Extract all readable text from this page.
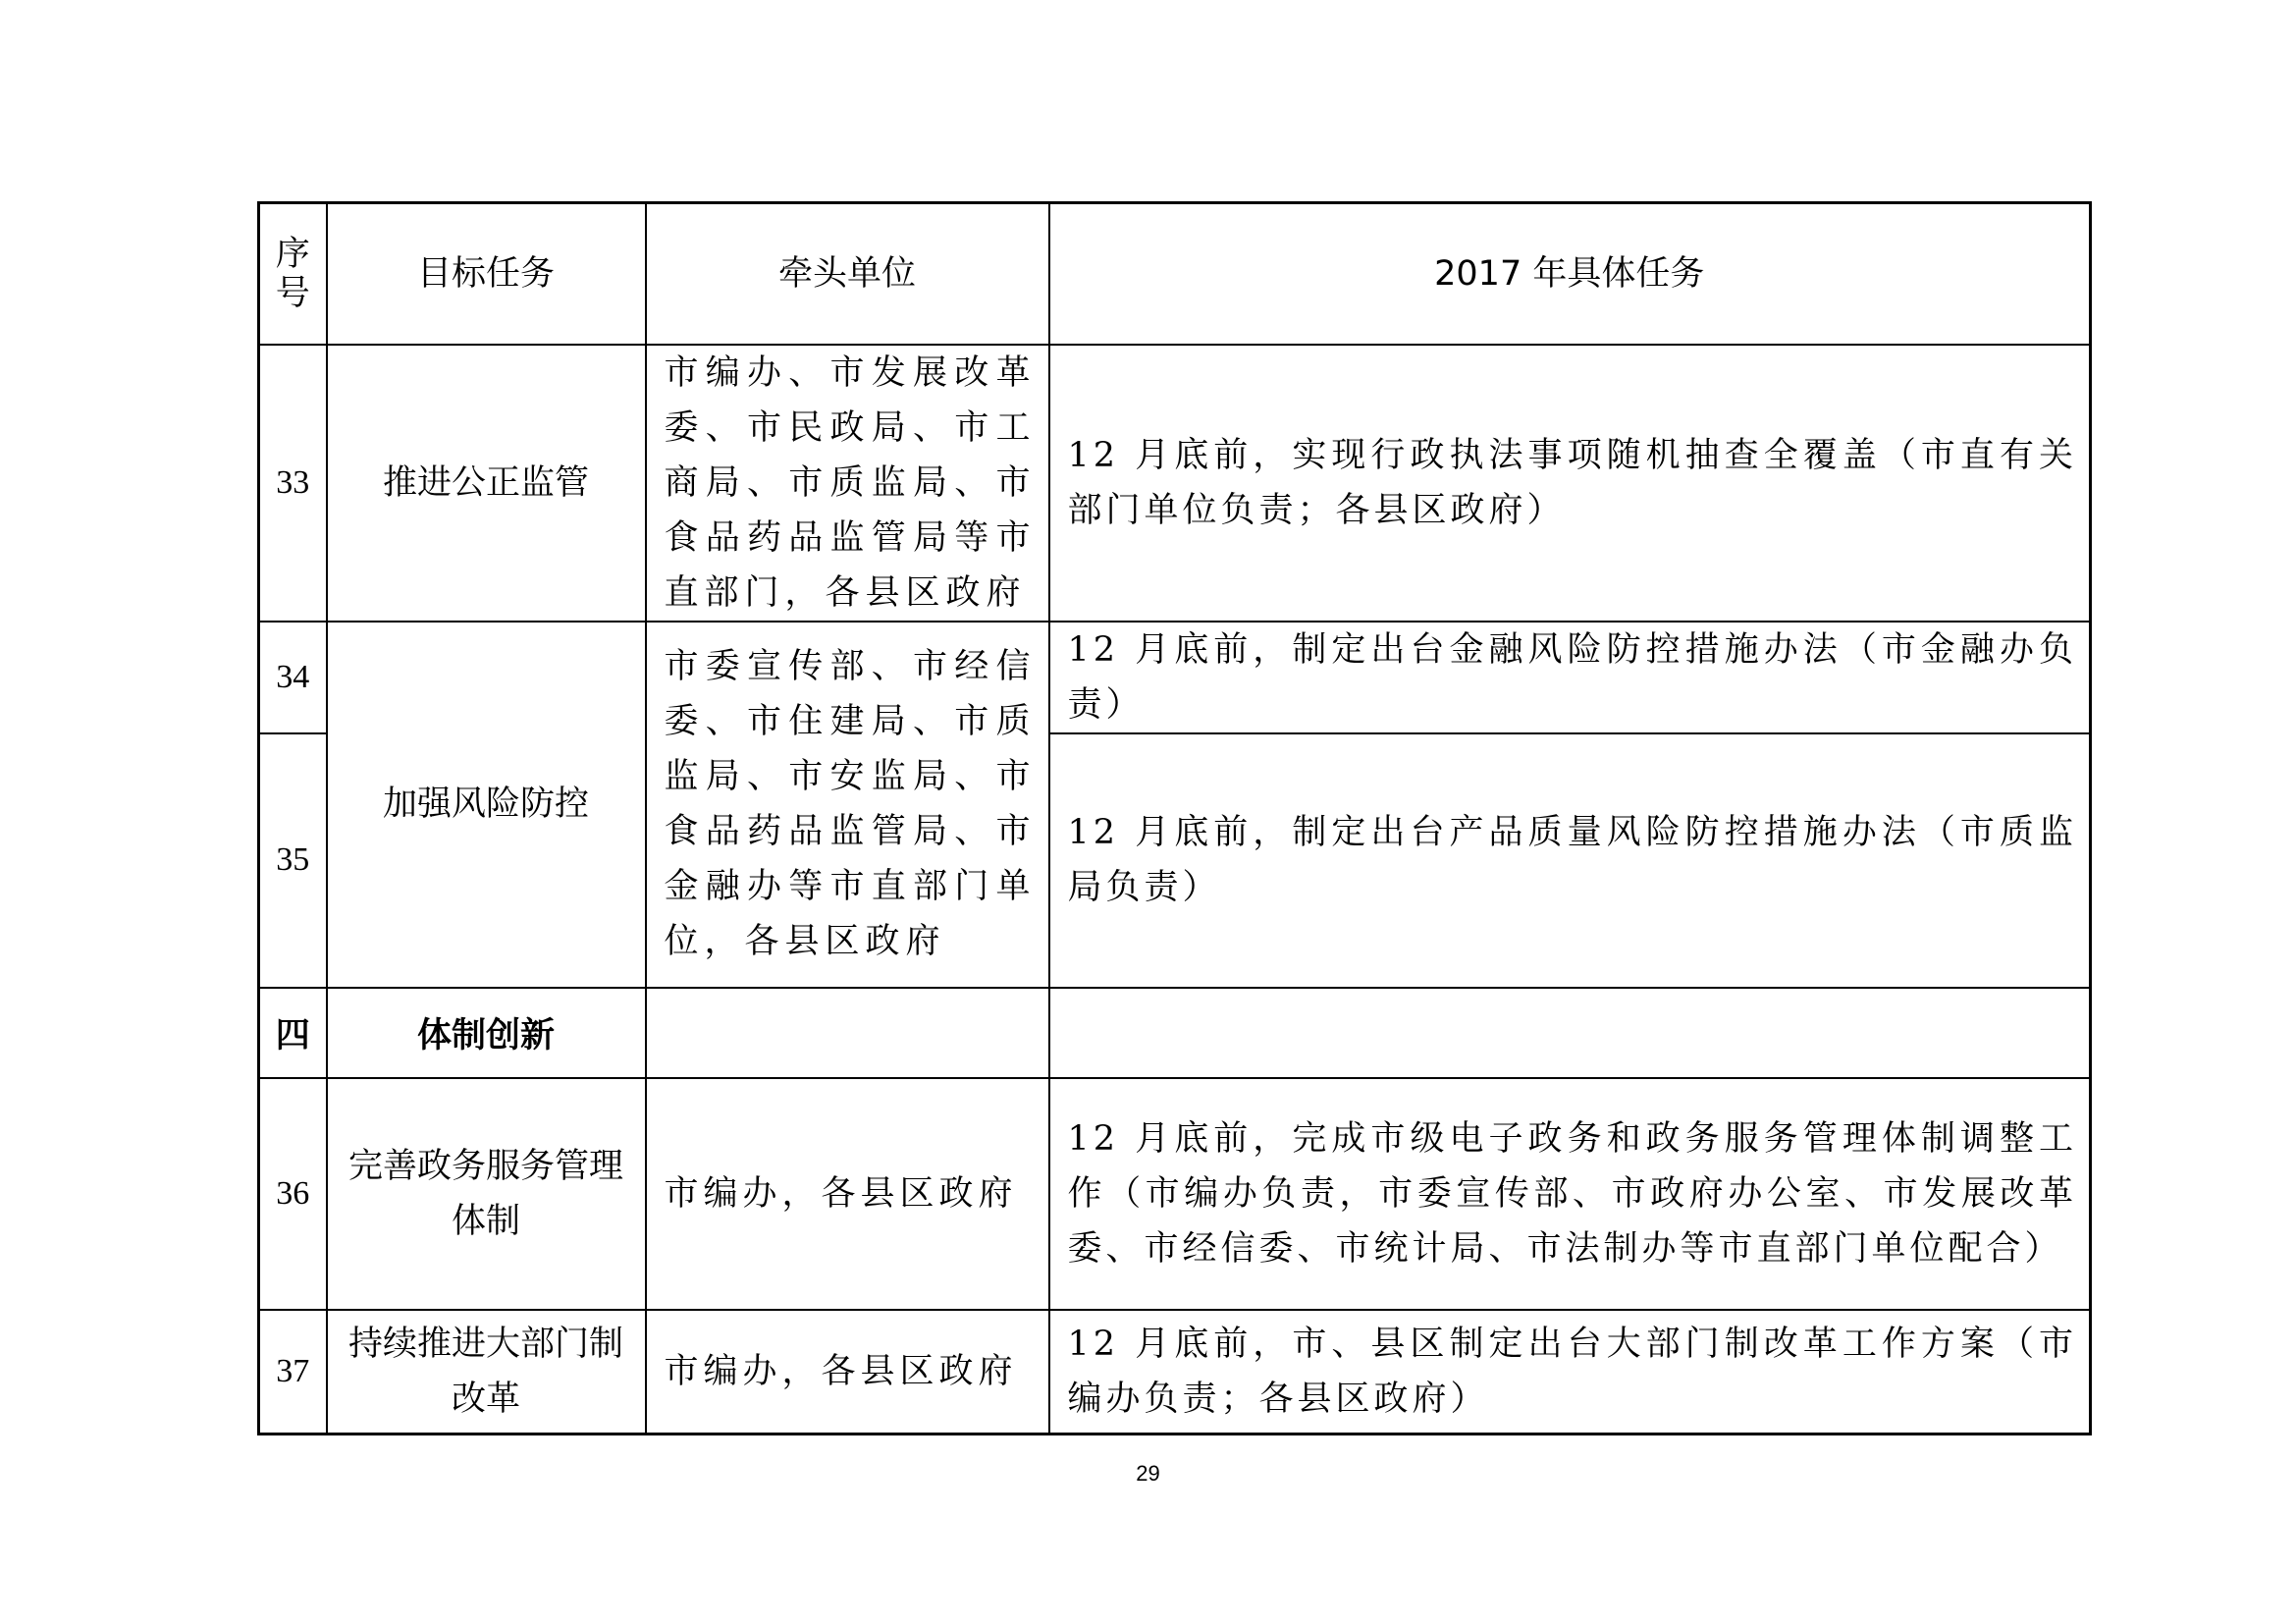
序号	目标任务	牵头单位	2017 年具体任务
33	推进公正监管	市编办、市发展改革委、市民政局、市工商局、市质监局、市食品药品监管局等市直部门，各县区政府	12 月底前，实现行政执法事项随机抽查全覆盖（市直有关部门单位负责；各县区政府）
34	加强风险防控	市委宣传部、市经信委、市住建局、市质监局、市安监局、市食品药品监管局、市金融办等市直部门单位，各县区政府	12 月底前，制定出台金融风险防控措施办法（市金融办负责）
35			12 月底前，制定出台产品质量风险防控措施办法（市质监局负责）
四	体制创新		
36	完善政务服务管理体制	市编办，各县区政府	12 月底前，完成市级电子政务和政务服务管理体制调整工作（市编办负责，市委宣传部、市政府办公室、市发展改革委、市经信委、市统计局、市法制办等市直部门单位配合）
37	持续推进大部门制改革	市编办，各县区政府	12 月底前，市、县区制定出台大部门制改革工作方案（市编办负责；各县区政府）
29
